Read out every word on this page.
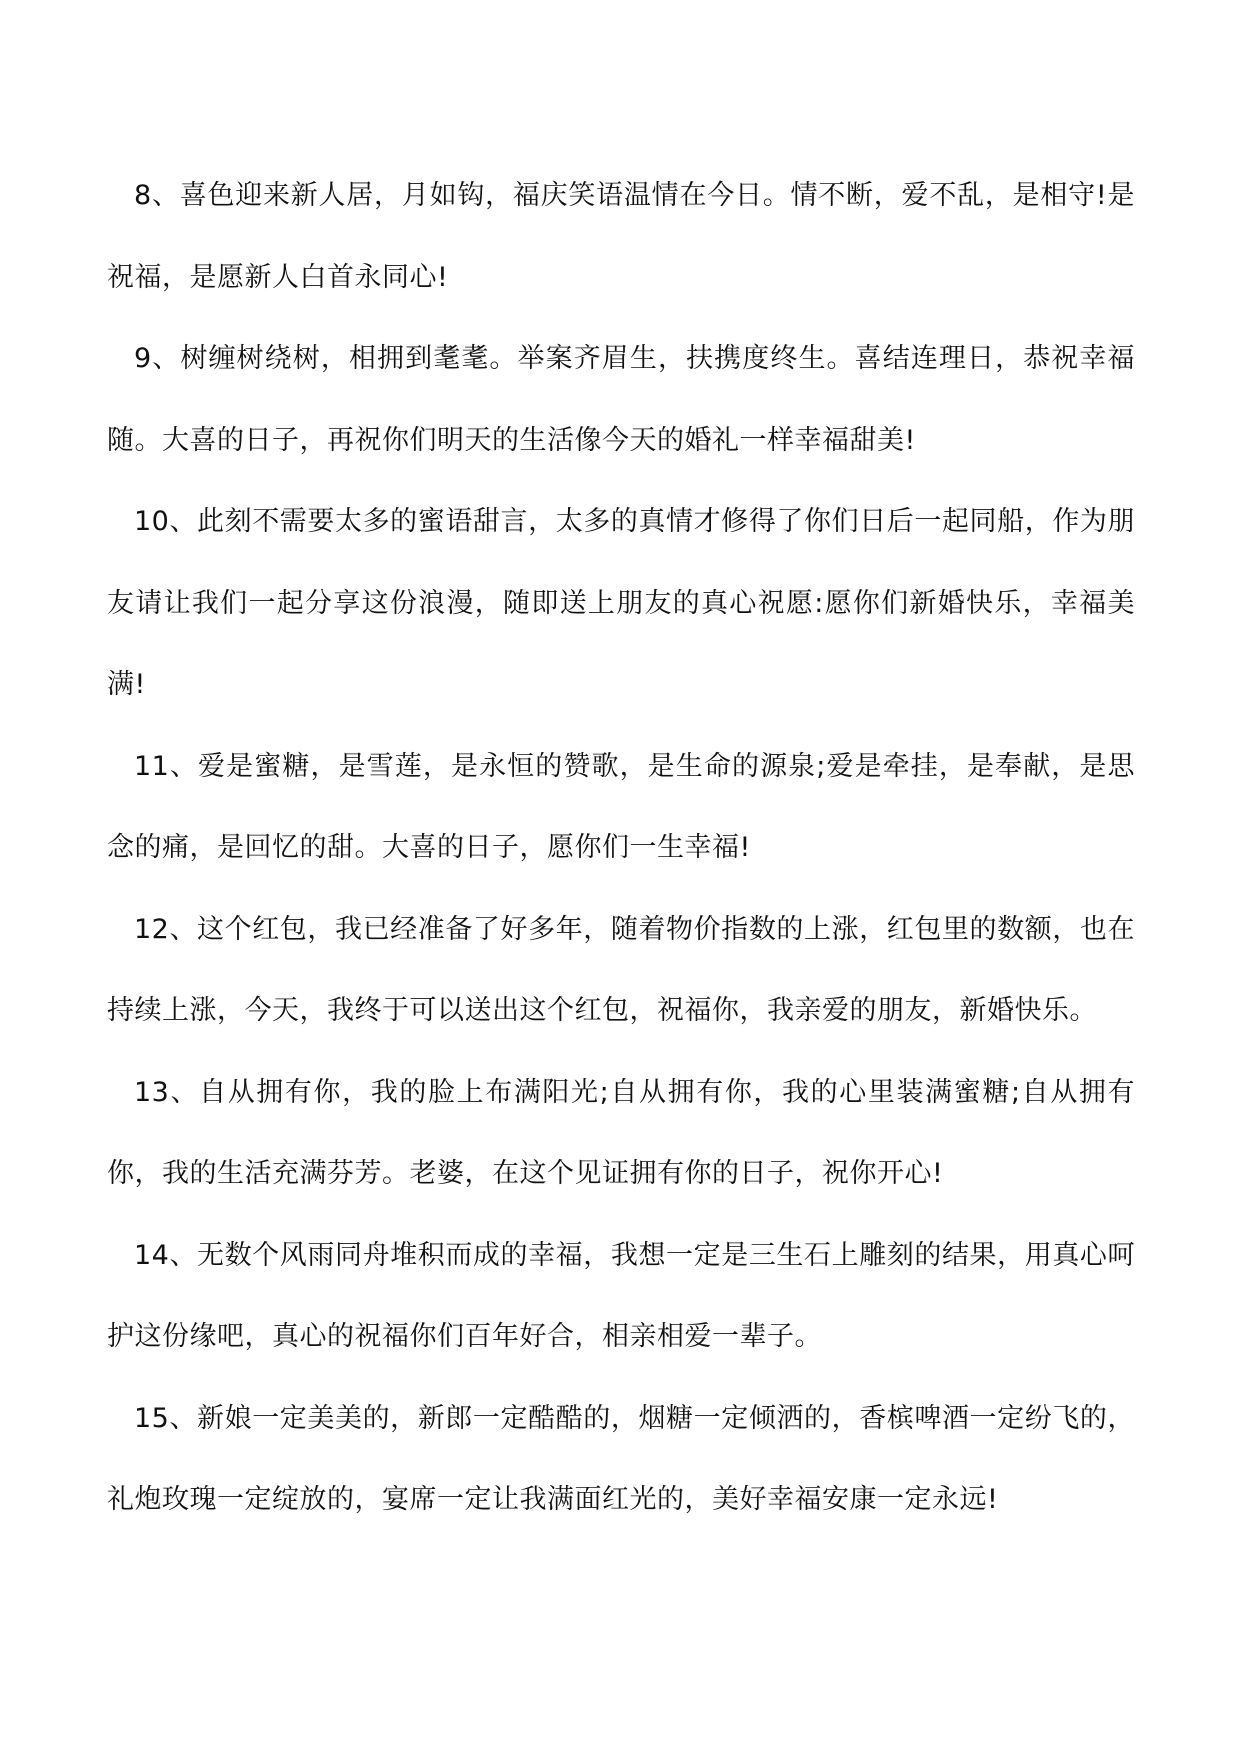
8、喜色迎来新人居，月如钩，福庆笑语温情在今日。情不断，爱不乱，是相守!是祝福，是愿新人白首永同心!

9、树缠树绕树，相拥到耄耄。举案齐眉生，扶携度终生。喜结连理日，恭祝幸福随。大喜的日子，再祝你们明天的生活像今天的婚礼一样幸福甜美!

10、此刻不需要太多的蜜语甜言，太多的真情才修得了你们日后一起同船，作为朋友请让我们一起分享这份浪漫，随即送上朋友的真心祝愿:愿你们新婚快乐，幸福美满!

11、爱是蜜糖，是雪莲，是永恒的赞歌，是生命的源泉;爱是牵挂，是奉献，是思念的痛，是回忆的甜。大喜的日子，愿你们一生幸福!

12、这个红包，我已经准备了好多年，随着物价指数的上涨，红包里的数额，也在持续上涨，今天，我终于可以送出这个红包，祝福你，我亲爱的朋友，新婚快乐。

13、自从拥有你，我的脸上布满阳光;自从拥有你，我的心里装满蜜糖;自从拥有你，我的生活充满芬芳。老婆，在这个见证拥有你的日子，祝你开心!

14、无数个风雨同舟堆积而成的幸福，我想一定是三生石上雕刻的结果，用真心呵护这份缘吧，真心的祝福你们百年好合，相亲相爱一辈子。

15、新娘一定美美的，新郎一定酷酷的，烟糖一定倾洒的，香槟啤酒一定纷飞的，礼炮玫瑰一定绽放的，宴席一定让我满面红光的，美好幸福安康一定永远!
